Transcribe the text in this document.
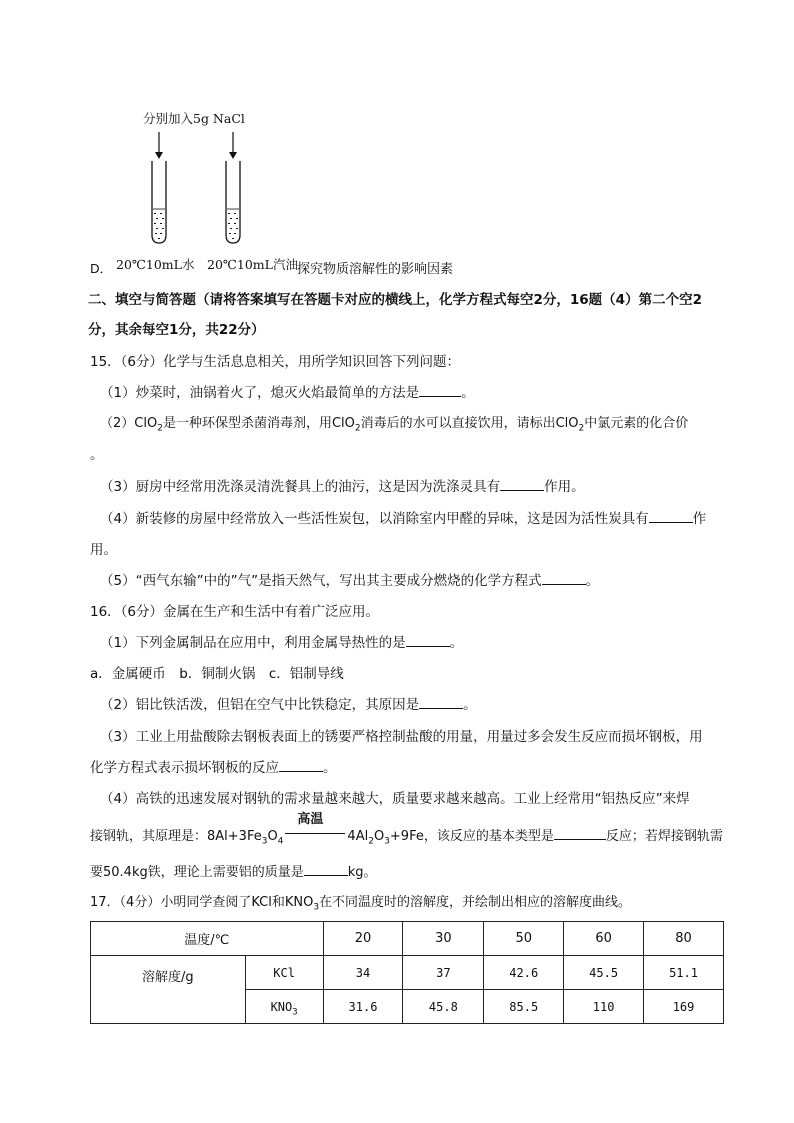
分别加入5g NaCl
D． 20℃10mL水 20℃10mL汽油 探究物质溶解性的影响因素
二、填空与简答题（请将答案填写在答题卡对应的横线上，化学方程式每空2分，16题（4）第二个空2
分，其余每空1分，共22分）
15．（6分）化学与生活息息相关，用所学知识回答下列问题：
（1）炒菜时，油锅着火了，熄灭火焰最简单的方法是	。
（2）ClO$_2$是一种环保型杀菌消毒剂，用ClO$_2$消毒后的水可以直接饮用，请标出ClO$_2$中氯元素的化合价
。
（3）厨房中经常用洗涤灵清洗餐具上的油污，这是因为洗涤灵具有	作用。
（4）新装修的房屋中经常放入一些活性炭包，以消除室内甲醛的异味，这是因为活性炭具有	作
用。
（5）“西气东输”中的”气”是指天然气，写出其主要成分燃烧的化学方程式	。
16．（6分）金属在生产和生活中有着广泛应用。
（1）下列金属制品在应用中，利用金属导热性的是	。
a．金属硬币　b．铜制火锅　c．铝制导线
（2）铝比铁活泼，但铝在空气中比铁稳定，其原因是	。
（3）工业上用盐酸除去钢板表面上的锈要严格控制盐酸的用量，用量过多会发生反应而损坏钢板，用
化学方程式表示损坏钢板的反应	。
（4）高铁的迅速发展对钢轨的需求量越来越大，质量要求越来越高。工业上经常用“铝热反应”来焊
接钢轨，其原理是：$8Al+3Fe_3O_4$
高温
$4Al_2O_3+9Fe$，该反应的基本类型是	反应；若焊接钢轨需
要50.4kg铁，理论上需要铝的质量是	kg。
17．（4分）小明同学查阅了KCl和$KNO_3$在不同温度时的溶解度，并绘制出相应的溶解度曲线。
温度/℃		20	30	50	60	80
溶解度/g	KCl	34	37	42.6	45.5	51.1
	$KNO_3$	31.6	45.8	85.5	110	169
